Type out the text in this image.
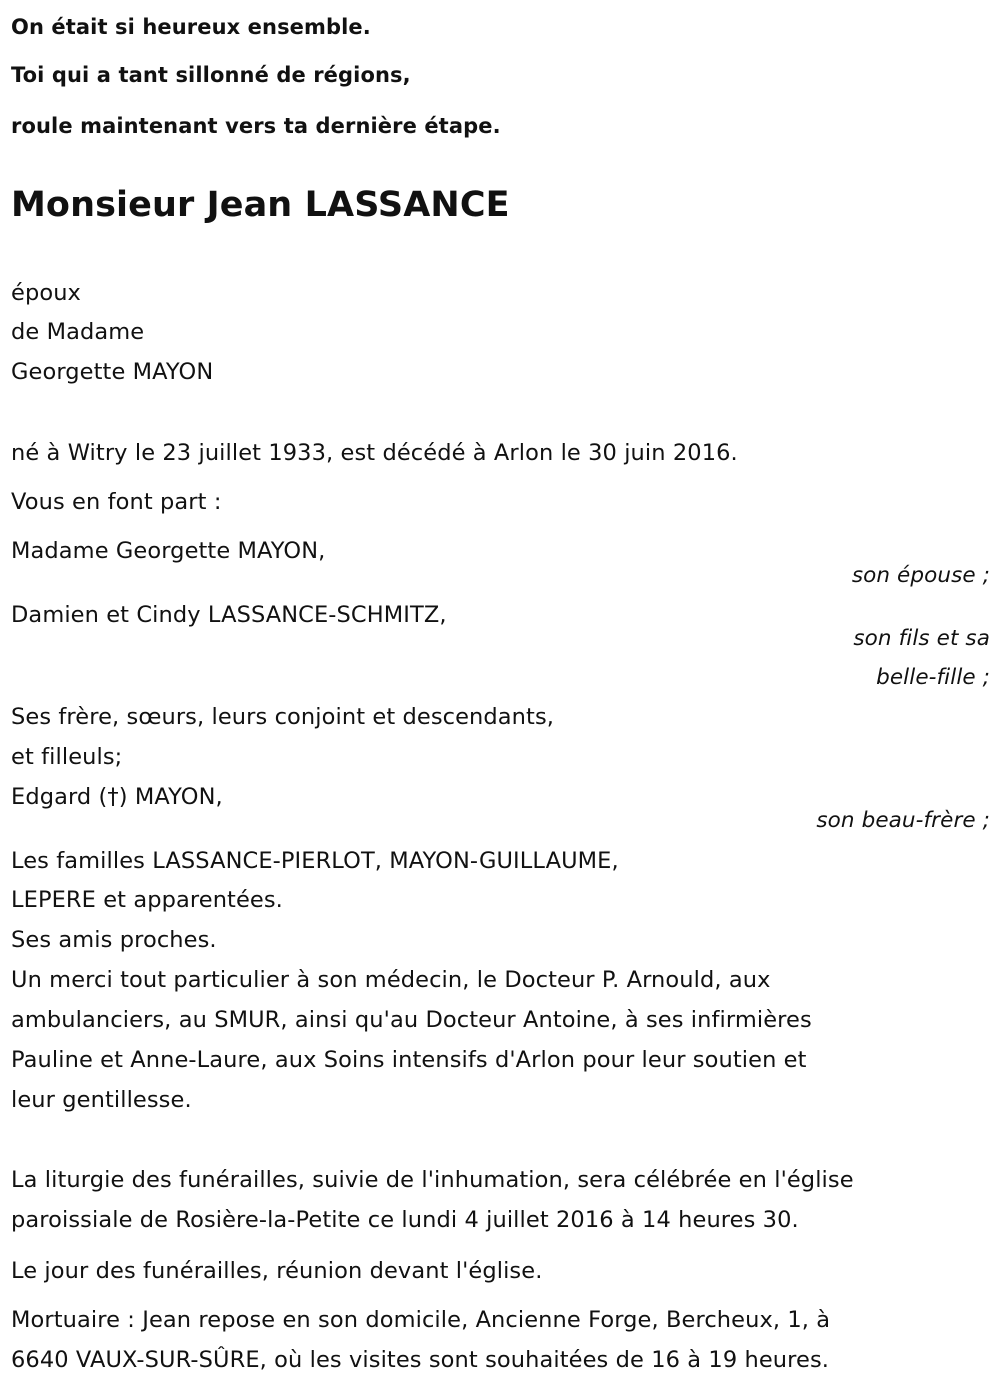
On était si heureux ensemble.
Toi qui a tant sillonné de régions,
roule maintenant vers ta dernière étape.
Monsieur Jean LASSANCE
époux
de Madame
Georgette MAYON
né à Witry le 23 juillet 1933, est décédé à Arlon le 30 juin 2016.
Vous en font part :
Madame Georgette MAYON,
son épouse ;
Damien et Cindy LASSANCE-SCHMITZ,
son fils et sa
belle-fille ;
Ses frère, sœurs, leurs conjoint et descendants,
et filleuls;
Edgard (†) MAYON,
son beau-frère ;
Les familles LASSANCE-PIERLOT, MAYON-GUILLAUME,
LEPERE et apparentées.
Ses amis proches.
Un merci tout particulier à son médecin, le Docteur P. Arnould, aux
ambulanciers, au SMUR, ainsi qu'au Docteur Antoine, à ses infirmières
Pauline et Anne-Laure, aux Soins intensifs d'Arlon pour leur soutien et
leur gentillesse.
La liturgie des funérailles, suivie de l'inhumation, sera célébrée en l'église
paroissiale de Rosière-la-Petite ce lundi 4 juillet 2016 à 14 heures 30.
Le jour des funérailles, réunion devant l'église.
Mortuaire : Jean repose en son domicile, Ancienne Forge, Bercheux, 1, à
6640 VAUX-SUR-SÛRE, où les visites sont souhaitées de 16 à 19 heures.
